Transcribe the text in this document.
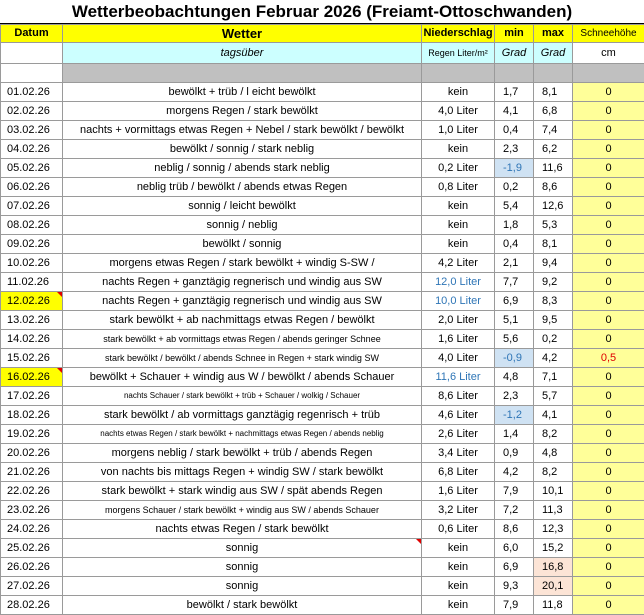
Wetterbeobachtungen Februar 2026 (Freiamt-Ottoschwanden)
Datum	Wetter	Niederschlag	min	max	Schneehöhe
	tagsüber	Regen Liter/m²	Grad	Grad	cm

01.02.26	bewölkt + trüb / l eicht bewölkt	kein	1,7	8,1	0
02.02.26	morgens Regen / stark bewölkt	4,0 Liter	4,1	6,8	0
03.02.26	nachts + vormittags etwas Regen + Nebel / stark bewölkt / bewölkt	1,0 Liter	0,4	7,4	0
04.02.26	bewölkt / sonnig / stark neblig	kein	2,3	6,2	0
05.02.26	neblig / sonnig / abends stark neblig	0,2 Liter	-1,9	11,6	0
06.02.26	neblig trüb / bewölkt / abends etwas Regen	0,8 Liter	0,2	8,6	0
07.02.26	sonnig / leicht bewölkt	kein	5,4	12,6	0
08.02.26	sonnig / neblig	kein	1,8	5,3	0
09.02.26	bewölkt / sonnig	kein	0,4	8,1	0
10.02.26	morgens etwas Regen / stark bewölkt + windig S-SW /	4,2 Liter	2,1	9,4	0
11.02.26	nachts Regen + ganztägig regnerisch und windig aus SW	12,0 Liter	7,7	9,2	0
12.02.26	nachts Regen + ganztägig regnerisch und windig aus SW	10,0 Liter	6,9	8,3	0
13.02.26	stark bewölkt + ab nachmittags etwas Regen / bewölkt	2,0 Liter	5,1	9,5	0
14.02.26	stark bewölkt + ab vormittags etwas Regen / abends geringer Schnee	1,6 Liter	5,6	0,2	0
15.02.26	stark bewölkt / bewölkt / abends Schnee in Regen + stark windig SW	4,0 Liter	-0,9	4,2	0,5
16.02.26	bewölkt + Schauer + windig aus W / bewölkt / abends Schauer	11,6 Liter	4,8	7,1	0
17.02.26	nachts Schauer / stark bewölkt + trüb + Schauer / wolkig / Schauer	8,6 Liter	2,3	5,7	0
18.02.26	stark bewölkt / ab vormittags ganztägig regenrisch + trüb	4,6 Liter	-1,2	4,1	0
19.02.26	nachts etwas Regen / stark bewölkt + nachmittags etwas Regen / abends neblig	2,6 Liter	1,4	8,2	0
20.02.26	morgens neblig / stark bewölkt + trüb / abends Regen	3,4 Liter	0,9	4,8	0
21.02.26	von nachts bis mittags Regen + windig SW / stark bewölkt	6,8 Liter	4,2	8,2	0
22.02.26	stark bewölkt + stark windig aus SW / spät abends Regen	1,6 Liter	7,9	10,1	0
23.02.26	morgens Schauer / stark bewölkt + windig aus SW / abends Schauer	3,2 Liter	7,2	11,3	0
24.02.26	nachts etwas Regen / stark bewölkt	0,6 Liter	8,6	12,3	0
25.02.26	sonnig	kein	6,0	15,2	0
26.02.26	sonnig	kein	6,9	16,8	0
27.02.26	sonnig	kein	9,3	20,1	0
28.02.26	bewölkt / stark bewölkt	kein	7,9	11,8	0
